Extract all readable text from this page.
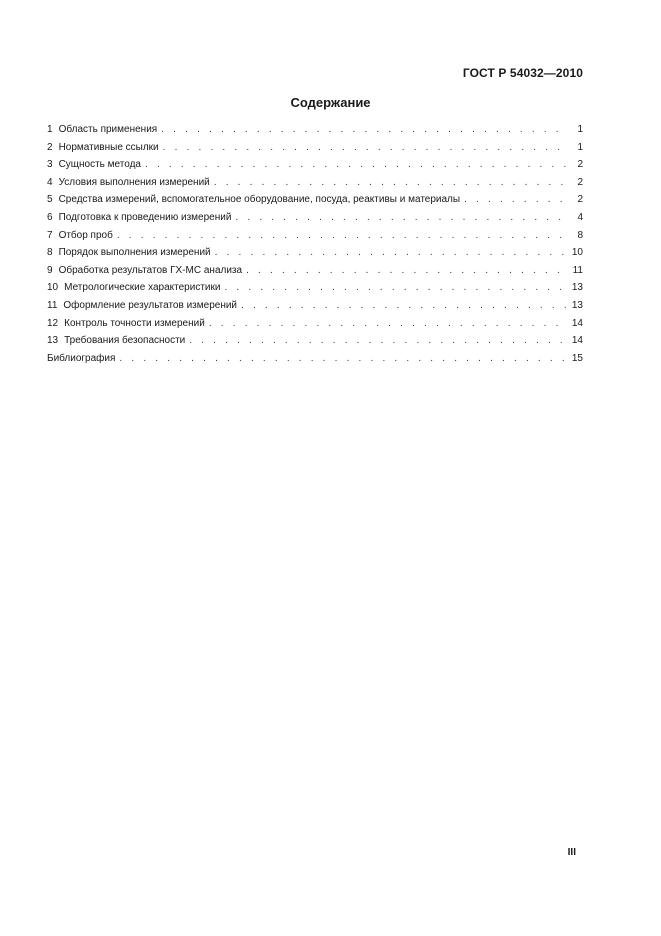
ГОСТ Р 54032—2010
Содержание
1 Область применения . . .	1
2 Нормативные ссылки . . .	1
3 Сущность метода . . .	2
4 Условия выполнения измерений . . .	2
5 Средства измерений, вспомогательное оборудование, посуда, реактивы и материалы . . .	2
6 Подготовка к проведению измерений . . .	4
7 Отбор проб . . .	8
8 Порядок выполнения измерений . . .	10
9 Обработка результатов ГХ-МС анализа . . .	11
10 Метрологические характеристики . . .	13
11 Оформление результатов измерений . . .	13
12 Контроль точности измерений . . .	14
13 Требования безопасности . . .	14
Библиография . . .	15
III
